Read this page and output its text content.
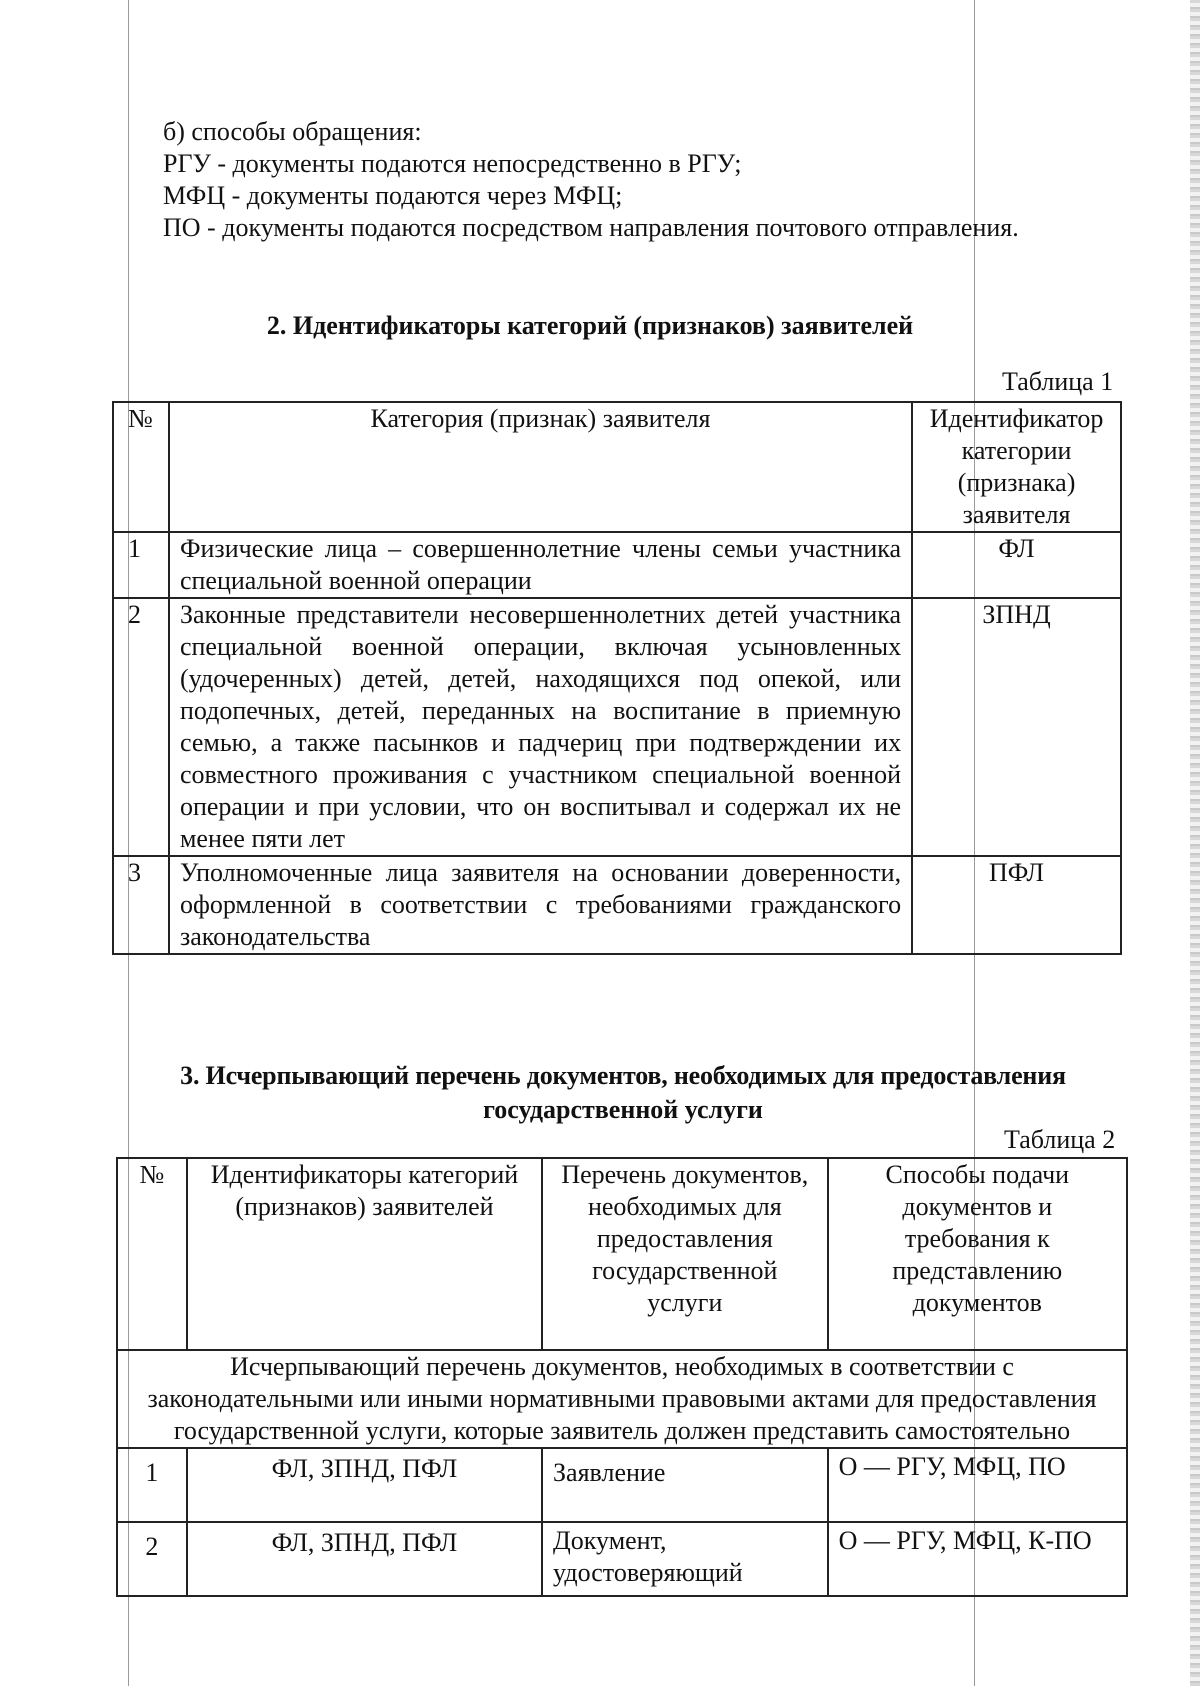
б) способы обращения:

РГУ - документы подаются непосредственно в РГУ;

МФЦ - документы подаются через МФЦ;

ПО - документы подаются посредством направления почтового отправления.

2. Идентификаторы категорий (признаков) заявителей

Таблица 1

№	Категория (признак) заявителя	Идентификатор категории (признака) заявителя
1	Физические лица – совершеннолетние члены семьи участника специальной военной операции	ФЛ
2	Законные представители несовершеннолетних детей участника специальной военной операции, включая усыновленных (удочеренных) детей, детей, находящихся под опекой, или подопечных, детей, переданных на воспитание в приемную семью, а также пасынков и падчериц при подтверждении их совместного проживания с участником специальной военной операции и при условии, что он воспитывал и содержал их не менее пяти лет	ЗПНД
3	Уполномоченные лица заявителя на основании доверенности, оформленной в соответствии с требованиями гражданского законодательства	ПФЛ

3. Исчерпывающий перечень документов, необходимых для предоставления

государственной услуги

Таблица 2

№	Идентификаторы категорий (признаков) заявителей	Перечень документов, необходимых для предоставления государственной услуги	Способы подачи документов и требования к представлению документов
Исчерпывающий перечень документов, необходимых в соответствии с законодательными или иными нормативными правовыми актами для предоставления государственной услуги, которые заявитель должен представить самостоятельно			
1	ФЛ, ЗПНД, ПФЛ	Заявление	О — РГУ, МФЦ, ПО
2	ФЛ, ЗПНД, ПФЛ	Документ, удостоверяющий	О — РГУ, МФЦ, К-ПО
